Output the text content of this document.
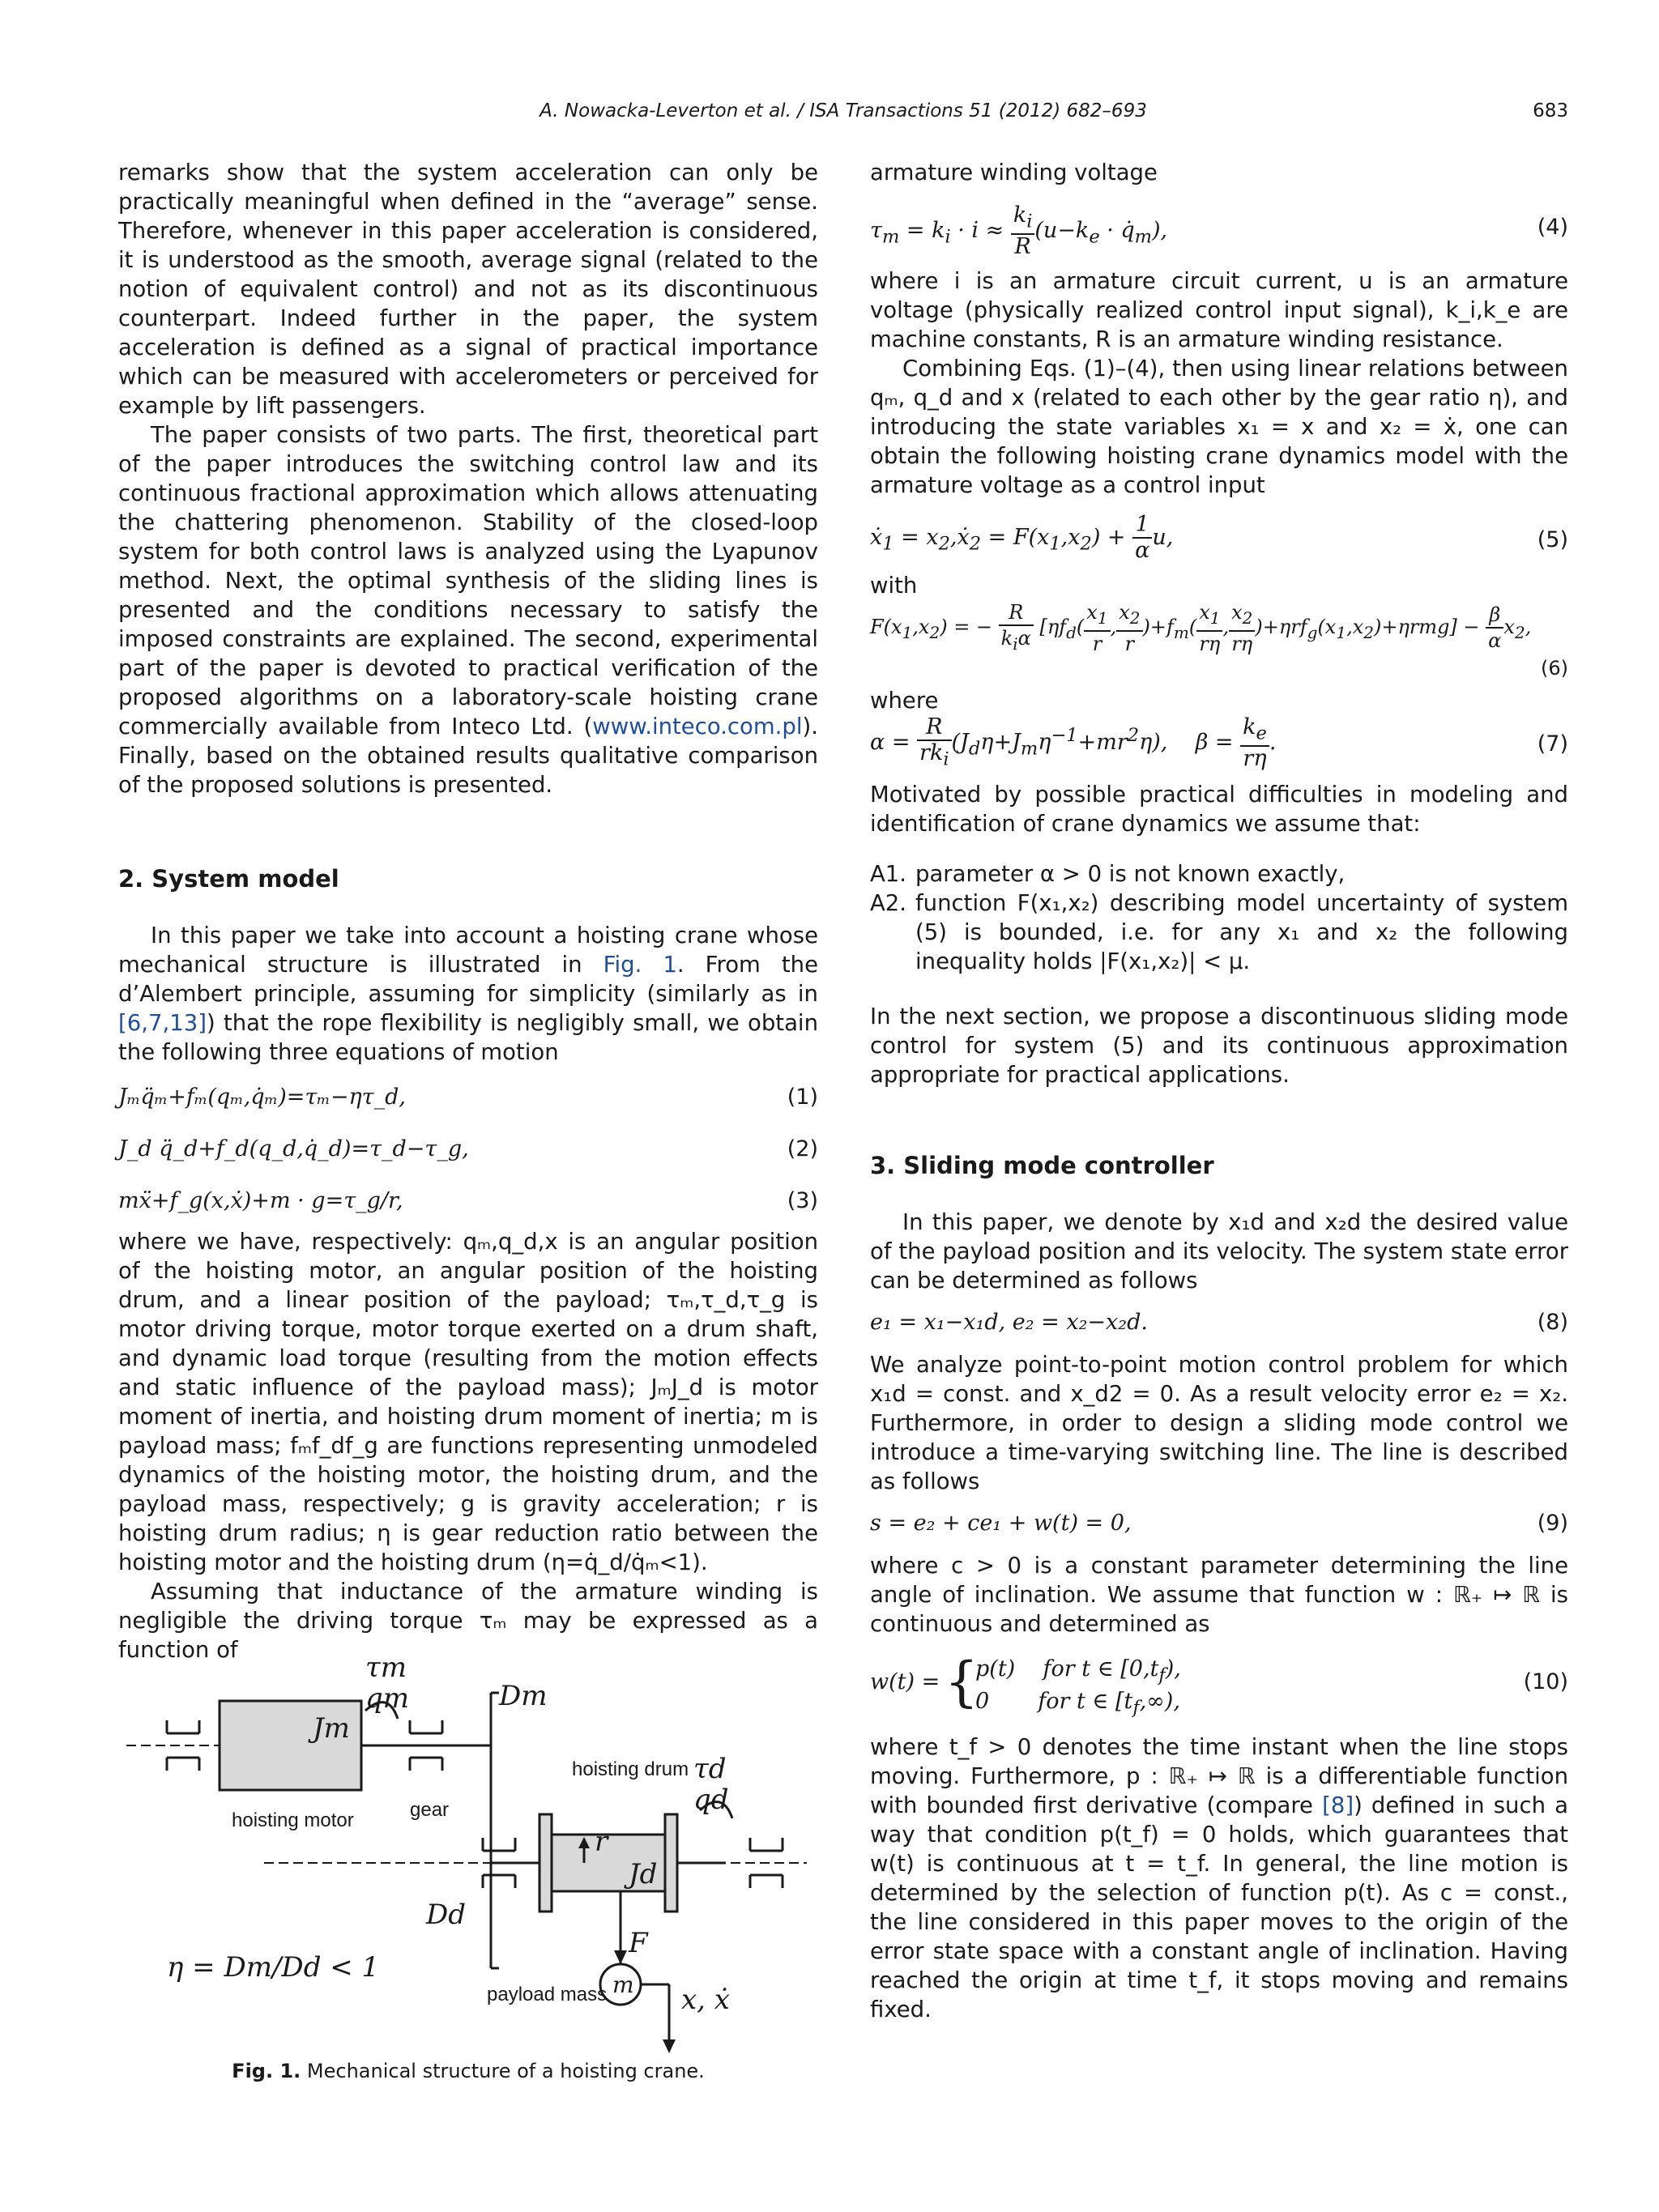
A. Nowacka-Leverton et al. / ISA Transactions 51 (2012) 682–693	683

remarks show that the system acceleration can only be practically meaningful when defined in the “average” sense. Therefore, whenever in this paper acceleration is considered, it is understood as the smooth, average signal (related to the notion of equivalent control) and not as its discontinuous counterpart. Indeed further in the paper, the system acceleration is defined as a signal of practical importance which can be measured with accelerometers or perceived for example by lift passengers.

The paper consists of two parts. The first, theoretical part of the paper introduces the switching control law and its continuous fractional approximation which allows attenuating the chattering phenomenon. Stability of the closed-loop system for both control laws is analyzed using the Lyapunov method. Next, the optimal synthesis of the sliding lines is presented and the conditions necessary to satisfy the imposed constraints are explained. The second, experimental part of the paper is devoted to practical verification of the proposed algorithms on a laboratory-scale hoisting crane commercially available from Inteco Ltd. (www.inteco.com.pl). Finally, based on the obtained results qualitative comparison of the proposed solutions is presented.

2. System model

In this paper we take into account a hoisting crane whose mechanical structure is illustrated in Fig. 1. From the d’Alembert principle, assuming for simplicity (similarly as in [6,7,13]) that the rope flexibility is negligibly small, we obtain the following three equations of motion

Jₘq̈ₘ+fₘ(qₘ,q̇ₘ)=τₘ−ητ_d,	(1)
J_d q̈_d+f_d(q_d,q̇_d)=τ_d−τ_g,	(2)
mẍ+f_g(x,ẋ)+m · g=τ_g/r,	(3)

where we have, respectively: qₘ,q_d,x is an angular position of the hoisting motor, an angular position of the hoisting drum, and a linear position of the payload; τₘ,τ_d,τ_g is motor driving torque, motor torque exerted on a drum shaft, and dynamic load torque (resulting from the motion effects and static influence of the payload mass); JₘJ_d is motor moment of inertia, and hoisting drum moment of inertia; m is payload mass; fₘf_df_g are functions representing unmodeled dynamics of the hoisting motor, the hoisting drum, and the payload mass, respectively; g is gravity acceleration; r is hoisting drum radius; η is gear reduction ratio between the hoisting motor and the hoisting drum (η=q̇_d/q̇ₘ<1).

Assuming that inductance of the armature winding is negligible the driving torque τₘ may be expressed as a function of

τm
qm
Jm
Dm
τd
qd
r
Jd
Dd
F
η = Dm/Dd < 1
m x, ẋ
hoisting drum
gear
hoisting motor
payload mass
Fig. 1. Mechanical structure of a hoisting crane.

armature winding voltage

$\tau_m = k_i \cdot i \approx \frac{k_i}{R} (u-k_e$ · $q̇_m$),	(4)

where i is an armature circuit current, u is an armature voltage (physically realized control input signal), k_i,k_e are machine constants, R is an armature winding resistance.

Combining Eqs. (1)–(4), then using linear relations between qₘ, q_d and x (related to each other by the gear ratio η), and introducing the state variables x₁ = x and x₂ = ẋ, one can obtain the following hoisting crane dynamics model with the armature voltage as a control input

ẋ$_1$ = $x_2,ẋ_2 = F(x_1,x_2) + \frac{1}{\alpha} u$,	(5)

with

$F(x_1,x_2)$ = − $\frac{R}{k_i\alpha} [\eta f_d( \frac{x_1}{r}$ , $\frac{x_2}{r} )+f_m( \frac{x_1}{r\eta}$ , $\frac{x_2}{r\eta} )+\eta rf_g(x_1,x_2)+\eta rmg] - \frac{\beta}{\alpha} x_2$,
(6)

where

$\alpha = \frac{R}{rk_i} (J_d\eta+J_m\eta^{-1}+mr^2\eta)$,    $\beta = \frac{k_e}{r\eta}$ .	(7)

Motivated by possible practical difficulties in modeling and identification of crane dynamics we assume that:

A1. parameter α > 0 is not known exactly,
A2. function F(x₁,x₂) describing model uncertainty of system (5) is bounded, i.e. for any x₁ and x₂ the following inequality holds |F(x₁,x₂)| < μ.

In the next section, we propose a discontinuous sliding mode control for system (5) and its continuous approximation appropriate for practical applications.

3. Sliding mode controller

In this paper, we denote by x₁d and x₂d the desired value of the payload position and its velocity. The system state error can be determined as follows

e₁ = x₁−x₁d, e₂ = x₂−x₂d.	(8)

We analyze point-to-point motion control problem for which x₁d = const. and x_d2 = 0. As a result velocity error e₂ = x₂. Furthermore, in order to design a sliding mode control we introduce a time-varying switching line. The line is described as follows

s = e₂ + ce₁ + w(t) = 0,	(9)

where c > 0 is a constant parameter determining the line angle of inclination. We assume that function w : ℝ₊ ↦ ℝ is continuous and determined as

w(t) = {
p(t)    for t ∈ $[0,t_f)$,
0       for t ∈ $[t_f,\infty)$,
(10)

where t_f > 0 denotes the time instant when the line stops moving. Furthermore, p : ℝ₊ ↦ ℝ is a differentiable function with bounded first derivative (compare [8]) defined in such a way that condition p(t_f) = 0 holds, which guarantees that w(t) is continuous at t = t_f. In general, the line motion is determined by the selection of function p(t). As c = const., the line considered in this paper moves to the origin of the error state space with a constant angle of inclination. Having reached the origin at time t_f, it stops moving and remains fixed.
